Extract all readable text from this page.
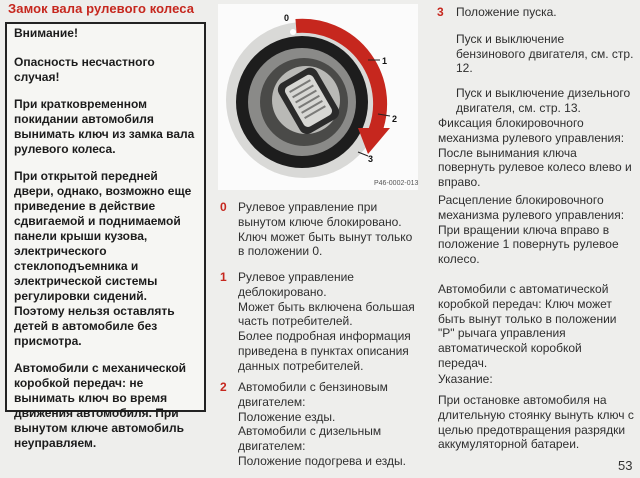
Замок вала рулевого колеса

Внимание!

Опасность несчастного случая!

При кратковременном покидании автомобиля вынимать ключ из замка вала рулевого колеса.

При открытой передней двери, однако, возможно еще приведение в действие сдвигаемой и поднимаемой панели крыши кузова, электрического стеклоподъемника и электрической системы регулировки сидений. Поэтому нельзя оставлять детей в автомобиле без присмотра.

Автомобили с механической коробкой передач: не вынимать ключ во время движения автомобиля. При вынутом ключе автомобиль неуправляем.

0
1
2
3
P46-0002-013
0 Рулевое управление при вынутом ключе блокировано.
Ключ может быть вынут только в положении 0.
1 Рулевое управление деблокировано.
Может быть включена большая часть потребителей.
Более подробная информация приведена в пунктах описания данных потребителей.
2 Автомобили с бензиновым двигателем:
Положение езды.
Автомобили с дизельным двигателем:
Положение подогрева и езды.
3 Положение пуска.

Пуск и выключение бензинового двигателя, см. стр. 12.

Пуск и выключение дизельного двигателя, см. стр. 13.

Фиксация блокировочного механизма рулевого управления: После вынимания ключа повернуть рулевое колесо влево и вправо.
Расцепление блокировочного механизма рулевого управления: При вращении ключа вправо в положение 1 повернуть рулевое колесо.
Автомобили с автоматической коробкой передач: Ключ может быть вынут только в положении "P" рычага управления автоматической коробкой передач.
Указание:
При остановке автомобиля на длительную стоянку вынуть ключ с целью предотвращения разрядки аккумуляторной батареи.
53
